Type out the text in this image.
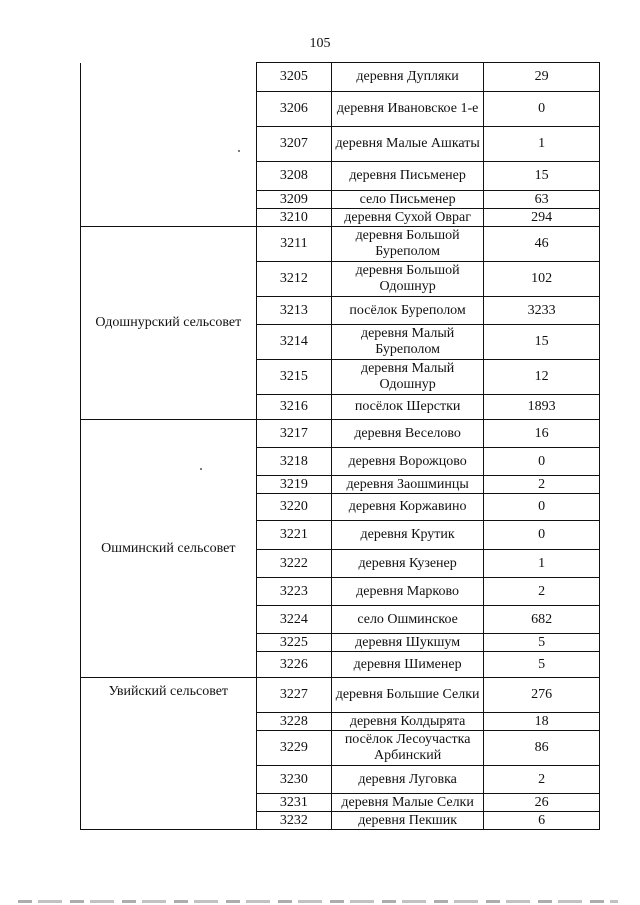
105
	3205	деревня Дупляки	29
	3206	деревня Ивановское 1-е	0
	3207	деревня Малые Ашкаты	1
	3208	деревня Письменер	15
	3209	село Письменер	63
	3210	деревня Сухой Овраг	294
Одошнурский сельсовет	3211	деревня Большой Буреполом	46
	3212	деревня Большой Одошнур	102
	3213	посёлок Буреполом	3233
	3214	деревня Малый Буреполом	15
	3215	деревня Малый Одошнур	12
	3216	посёлок Шерстки	1893
Ошминский сельсовет	3217	деревня Веселово	16
	3218	деревня Ворожцово	0
	3219	деревня Заошминцы	2
	3220	деревня Коржавино	0
	3221	деревня Крутик	0
	3222	деревня Кузенер	1
	3223	деревня Марково	2
	3224	село Ошминское	682
	3225	деревня Шукшум	5
	3226	деревня Шименер	5
Увийский сельсовет	3227	деревня Большие Селки	276
	3228	деревня Колдырята	18
	3229	посёлок Лесоучастка Арбинский	86
	3230	деревня Луговка	2
	3231	деревня Малые Селки	26
	3232	деревня Пекшик	6
